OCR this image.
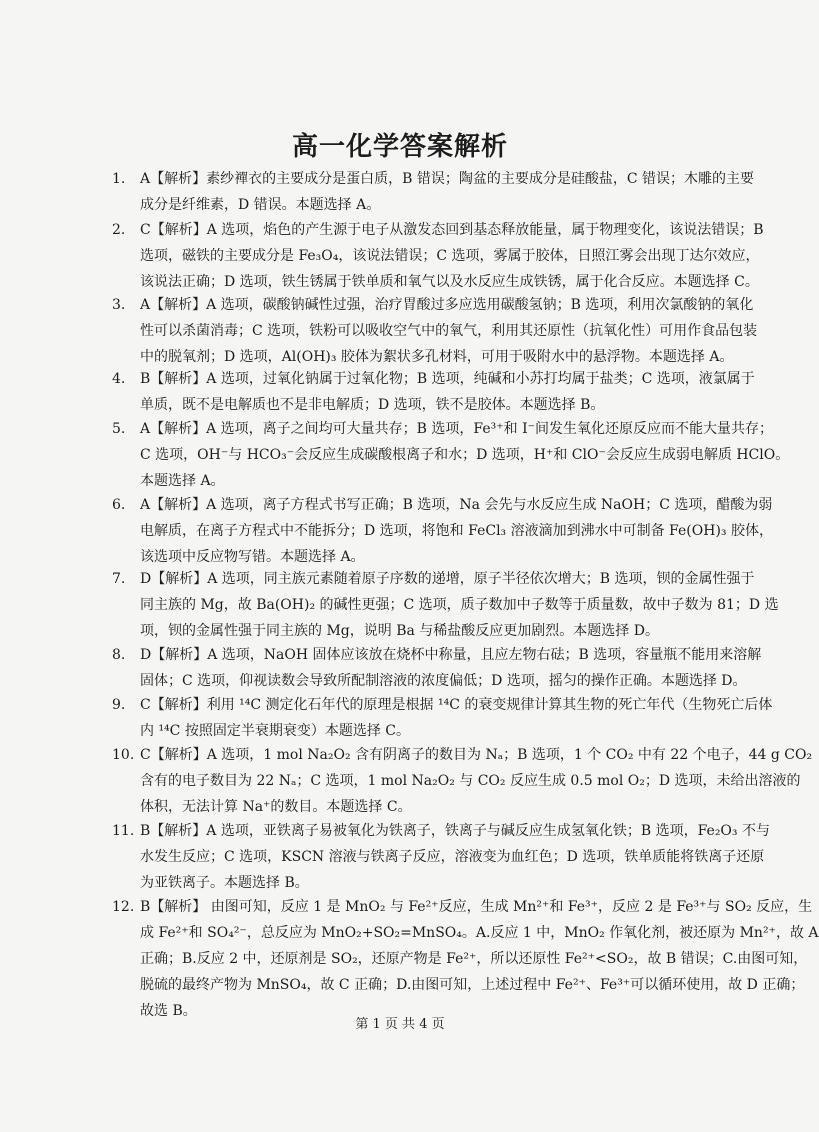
高一化学答案解析
1. A【解析】素纱襌衣的主要成分是蛋白质，B 错误；陶盆的主要成分是硅酸盐，C 错误；木雕的主要
成分是纤维素，D 错误。本题选择 A。
2. C【解析】A 选项，焰色的产生源于电子从激发态回到基态释放能量，属于物理变化，该说法错误；B
选项，磁铁的主要成分是 Fe₃O₄，该说法错误；C 选项，雾属于胶体，日照江雾会出现丁达尔效应，
该说法正确；D 选项，铁生锈属于铁单质和氧气以及水反应生成铁锈，属于化合反应。本题选择 C。
3. A【解析】A 选项，碳酸钠碱性过强，治疗胃酸过多应选用碳酸氢钠；B 选项，利用次氯酸钠的氧化
性可以杀菌消毒；C 选项，铁粉可以吸收空气中的氧气，利用其还原性（抗氧化性）可用作食品包装
中的脱氧剂；D 选项，Al(OH)₃ 胶体为絮状多孔材料，可用于吸附水中的悬浮物。本题选择 A。
4. B【解析】A 选项，过氧化钠属于过氧化物；B 选项，纯碱和小苏打均属于盐类；C 选项，液氯属于
单质，既不是电解质也不是非电解质；D 选项，铁不是胶体。本题选择 B。
5. A【解析】A 选项，离子之间均可大量共存；B 选项，Fe³⁺和 I⁻间发生氧化还原反应而不能大量共存；
C 选项，OH⁻与 HCO₃⁻会反应生成碳酸根离子和水；D 选项，H⁺和 ClO⁻会反应生成弱电解质 HClO。
本题选择 A。
6. A【解析】A 选项，离子方程式书写正确；B 选项，Na 会先与水反应生成 NaOH；C 选项，醋酸为弱
电解质，在离子方程式中不能拆分；D 选项，将饱和 FeCl₃ 溶液滴加到沸水中可制备 Fe(OH)₃ 胶体，
该选项中反应物写错。本题选择 A。
7. D【解析】A 选项，同主族元素随着原子序数的递增，原子半径依次增大；B 选项，钡的金属性强于
同主族的 Mg，故 Ba(OH)₂ 的碱性更强；C 选项，质子数加中子数等于质量数，故中子数为 81；D 选
项，钡的金属性强于同主族的 Mg，说明 Ba 与稀盐酸反应更加剧烈。本题选择 D。
8. D【解析】A 选项，NaOH 固体应该放在烧杯中称量，且应左物右砝；B 选项，容量瓶不能用来溶解
固体；C 选项，仰视读数会导致所配制溶液的浓度偏低；D 选项，摇匀的操作正确。本题选择 D。
9. C【解析】利用 ¹⁴C 测定化石年代的原理是根据 ¹⁴C 的衰变规律计算其生物的死亡年代（生物死亡后体
内 ¹⁴C 按照固定半衰期衰变）本题选择 C。
10. C【解析】A 选项，1 mol Na₂O₂ 含有阴离子的数目为 Nₐ；B 选项，1 个 CO₂ 中有 22 个电子，44 g CO₂
含有的电子数目为 22 Nₐ；C 选项，1 mol Na₂O₂ 与 CO₂ 反应生成 0.5 mol O₂；D 选项，未给出溶液的
体积，无法计算 Na⁺的数目。本题选择 C。
11. B【解析】A 选项，亚铁离子易被氧化为铁离子，铁离子与碱反应生成氢氧化铁；B 选项，Fe₂O₃ 不与
水发生反应；C 选项，KSCN 溶液与铁离子反应，溶液变为血红色；D 选项，铁单质能将铁离子还原
为亚铁离子。本题选择 B。
12. B【解析】 由图可知，反应 1 是 MnO₂ 与 Fe²⁺反应，生成 Mn²⁺和 Fe³⁺，反应 2 是 Fe³⁺与 SO₂ 反应，生
成 Fe²⁺和 SO₄²⁻，总反应为 MnO₂+SO₂=MnSO₄。A.反应 1 中，MnO₂ 作氧化剂，被还原为 Mn²⁺，故 A
正确；B.反应 2 中，还原剂是 SO₂，还原产物是 Fe²⁺，所以还原性 Fe²⁺<SO₂，故 B 错误；C.由图可知，
脱硫的最终产物为 MnSO₄，故 C 正确；D.由图可知，上述过程中 Fe²⁺、Fe³⁺可以循环使用，故 D 正确；
故选 B。
第 1 页 共 4 页
